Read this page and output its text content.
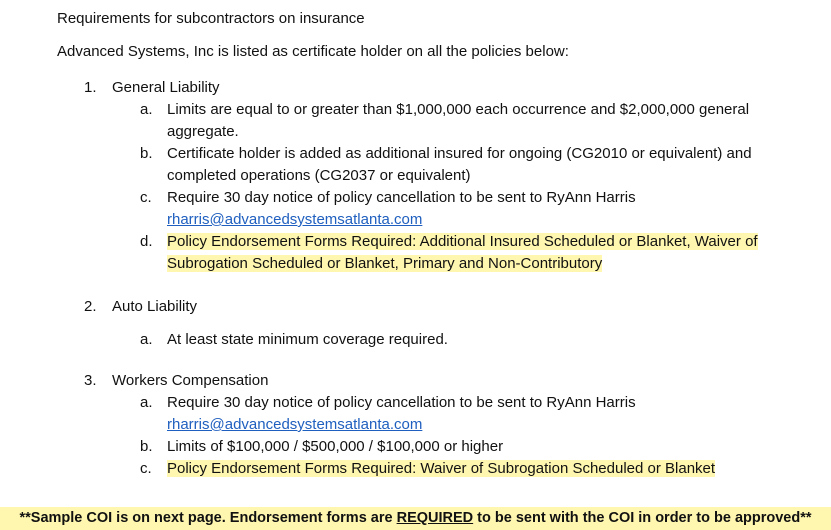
Requirements for subcontractors on insurance
Advanced Systems, Inc is listed as certificate holder on all the policies below:
1. General Liability
a. Limits are equal to or greater than $1,000,000 each occurrence and $2,000,000 general
aggregate.
b. Certificate holder is added as additional insured for ongoing (CG2010 or equivalent) and
completed operations (CG2037 or equivalent)
c. Require 30 day notice of policy cancellation to be sent to RyAnn Harris
rharris@advancedsystemsatlanta.com
d. Policy Endorsement Forms Required: Additional Insured Scheduled or Blanket, Waiver of
Subrogation Scheduled or Blanket, Primary and Non-Contributory
2. Auto Liability
a. At least state minimum coverage required.
3. Workers Compensation
a. Require 30 day notice of policy cancellation to be sent to RyAnn Harris
rharris@advancedsystemsatlanta.com
b. Limits of $100,000 / $500,000 / $100,000 or higher
c. Policy Endorsement Forms Required: Waiver of Subrogation Scheduled or Blanket
**Sample COI is on next page. Endorsement forms are REQUIRED to be sent with the COI in order to be approved**
